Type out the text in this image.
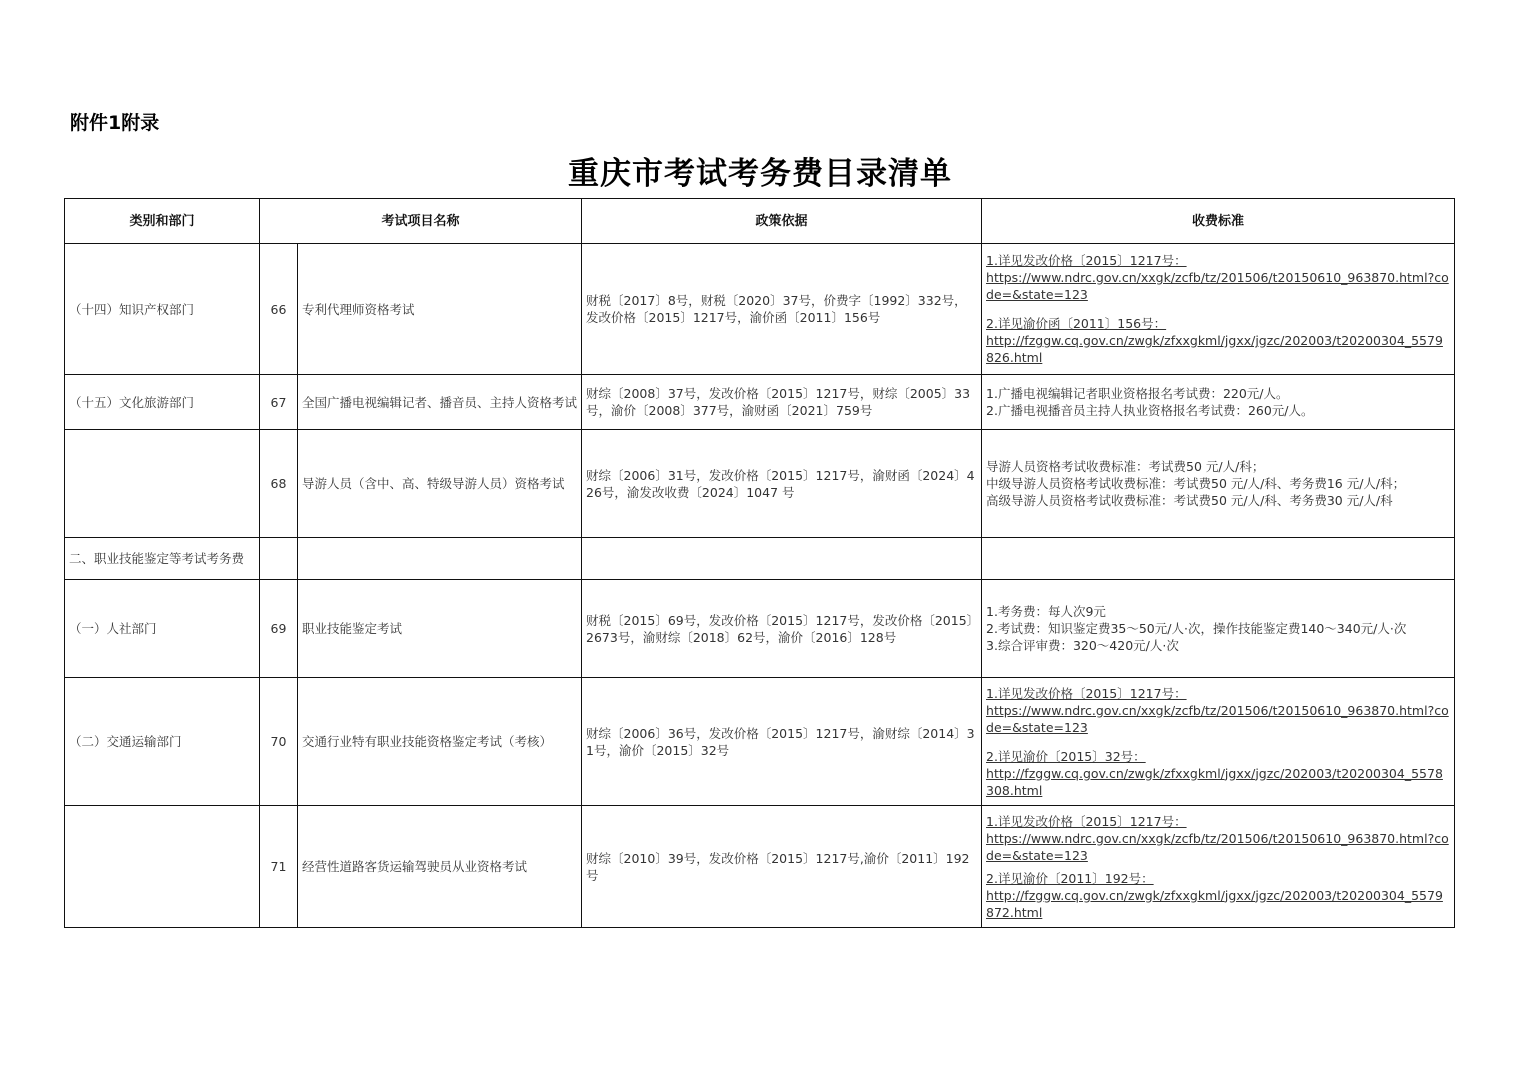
附件1附录
重庆市考试考务费目录清单
类别和部门	考试项目名称		政策依据	收费标准
（十四）知识产权部门	66	专利代理师资格考试	财税〔2017〕8号，财税〔2020〕37号，价费字〔1992〕332号，发改价格〔2015〕1217号，渝价函〔2011〕156号	1.详见发改价格〔2015〕1217号：
https://www.ndrc.gov.cn/xxgk/zcfb/tz/201506/t20150610_963870.html?code=&state=123
2.详见渝价函〔2011〕156号：
http://fzggw.cq.gov.cn/zwgk/zfxxgkml/jgxx/jgzc/202003/t20200304_5579826.html

（十五）文化旅游部门	67	全国广播电视编辑记者、播音员、主持人资格考试	财综〔2008〕37号，发改价格〔2015〕1217号，财综〔2005〕33号，渝价〔2008〕377号，渝财函〔2021〕759号	1.广播电视编辑记者职业资格报名考试费：220元/人。
2.广播电视播音员主持人执业资格报名考试费：260元/人。

	68	导游人员（含中、高、特级导游人员）资格考试	财综〔2006〕31号，发改价格〔2015〕1217号，渝财函〔2024〕426号，渝发改收费〔2024〕1047 号	导游人员资格考试收费标准：考试费50 元/人/科；
中级导游人员资格考试收费标准：考试费50 元/人/科、考务费16 元/人/科；
高级导游人员资格考试收费标准：考试费50 元/人/科、考务费30 元/人/科

二、职业技能鉴定等考试考务费				
（一）人社部门	69	职业技能鉴定考试	财税〔2015〕69号，发改价格〔2015〕1217号，发改价格〔2015〕2673号，渝财综〔2018〕62号，渝价〔2016〕128号	1.考务费：每人次9元
2.考试费：知识鉴定费35～50元/人·次，操作技能鉴定费140～340元/人·次
3.综合评审费：320～420元/人·次

（二）交通运输部门	70	交通行业特有职业技能资格鉴定考试（考核）	财综〔2006〕36号，发改价格〔2015〕1217号，渝财综〔2014〕31号，渝价〔2015〕32号	1.详见发改价格〔2015〕1217号：
https://www.ndrc.gov.cn/xxgk/zcfb/tz/201506/t20150610_963870.html?code=&state=123
2.详见渝价〔2015〕32号：
http://fzggw.cq.gov.cn/zwgk/zfxxgkml/jgxx/jgzc/202003/t20200304_5578308.html

	71	经营性道路客货运输驾驶员从业资格考试	财综〔2010〕39号，发改价格〔2015〕1217号,渝价〔2011〕192号	1.详见发改价格〔2015〕1217号：
https://www.ndrc.gov.cn/xxgk/zcfb/tz/201506/t20150610_963870.html?code=&state=123
2.详见渝价〔2011〕192号：
http://fzggw.cq.gov.cn/zwgk/zfxxgkml/jgxx/jgzc/202003/t20200304_5579872.html
